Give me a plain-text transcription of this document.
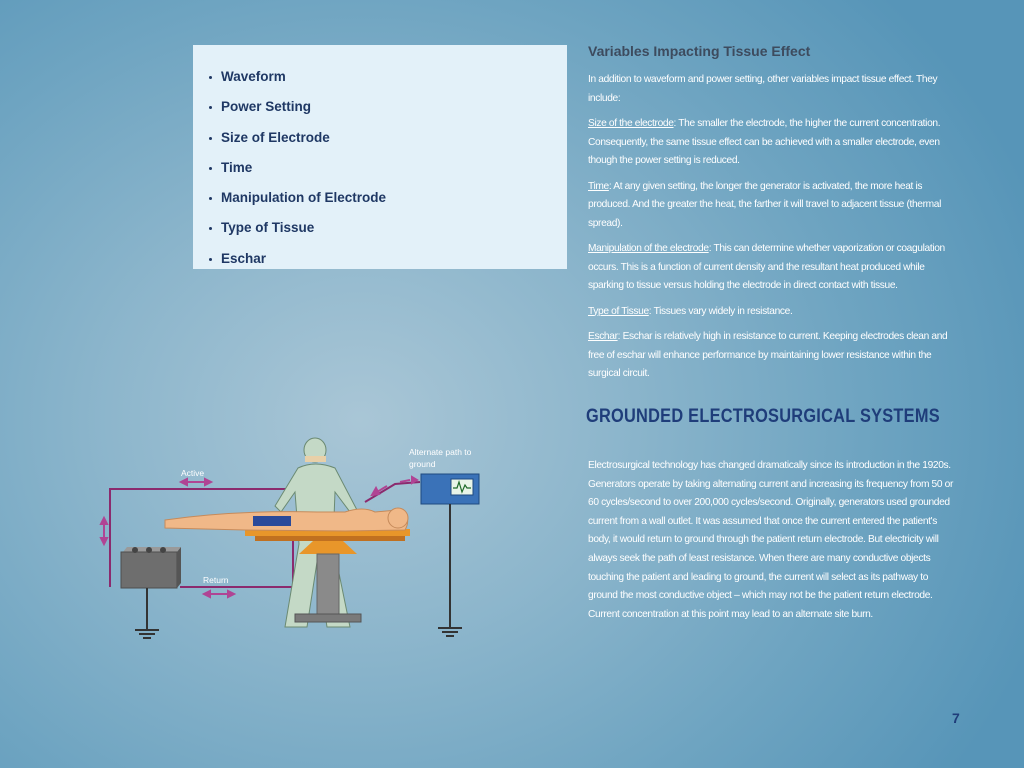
Waveform
Power Setting
Size of Electrode
Time
Manipulation of Electrode
Type of Tissue
Eschar
Variables Impacting Tissue Effect

In addition to waveform and power setting, other variables impact tissue effect. They include:

Size of the electrode: The smaller the electrode, the higher the current concentration. Consequently, the same tissue effect can be achieved with a smaller electrode, even though the power setting is reduced.

Time: At any given setting, the longer the generator is activated, the more heat is produced. And the greater the heat, the farther it will travel to adjacent tissue (thermal spread).

Manipulation of the electrode: This can determine whether vaporization or coagulation occurs. This is a function of current density and the resultant heat produced while sparking to tissue versus holding the electrode in direct contact with tissue.

Type of Tissue: Tissues vary widely in resistance.

Eschar: Eschar is relatively high in resistance to current. Keeping electrodes clean and free of eschar will enhance performance by maintaining lower resistance within the surgical circuit.

GROUNDED ELECTROSURGICAL SYSTEMS

Electrosurgical technology has changed dramatically since its introduction in the 1920s. Generators operate by taking alternating current and increasing its frequency from 50 or 60 cycles/second to over 200,000 cycles/second. Originally, generators used grounded current from a wall outlet. It was assumed that once the current entered the patient's body, it would return to ground through the patient return electrode. But electricity will always seek the path of least resistance. When there are many conductive objects touching the patient and leading to ground, the current will select as its pathway to ground the most conductive object – which may not be the patient return electrode. Current concentration at this point may lead to an alternate site burn.

Active
Return
Alternate path to
ground
7
